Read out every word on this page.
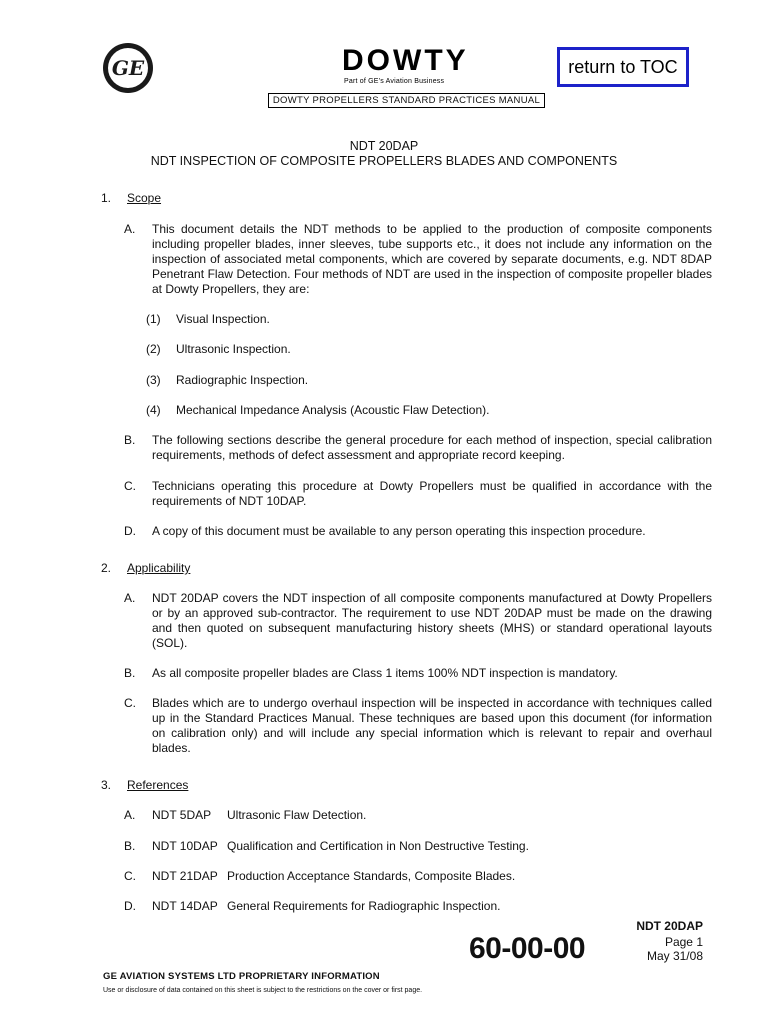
GE	DOWTY
Part of GE's Aviation Business
return to TOC
DOWTY PROPELLERS STANDARD PRACTICES MANUAL
NDT 20DAP
NDT INSPECTION OF COMPOSITE PROPELLERS BLADES AND COMPONENTS
1. Scope
A. This document details the NDT methods to be applied to the production of composite components including propeller blades, inner sleeves, tube supports etc., it does not include any information on the inspection of associated metal components, which are covered by separate documents, e.g. NDT 8DAP Penetrant Flaw Detection. Four methods of NDT are used in the inspection of composite propeller blades at Dowty Propellers, they are:
(1) Visual Inspection.
(2) Ultrasonic Inspection.
(3) Radiographic Inspection.
(4) Mechanical Impedance Analysis (Acoustic Flaw Detection).
B. The following sections describe the general procedure for each method of inspection, special calibration requirements, methods of defect assessment and appropriate record keeping.
C. Technicians operating this procedure at Dowty Propellers must be qualified in accordance with the requirements of NDT 10DAP.
D. A copy of this document must be available to any person operating this inspection procedure.
2. Applicability
A. NDT 20DAP covers the NDT inspection of all composite components manufactured at Dowty Propellers or by an approved sub-contractor. The requirement to use NDT 20DAP must be made on the drawing and then quoted on subsequent manufacturing history sheets (MHS) or standard operational layouts (SOL).
B. As all composite propeller blades are Class 1 items 100% NDT inspection is mandatory.
C. Blades which are to undergo overhaul inspection will be inspected in accordance with techniques called up in the Standard Practices Manual. These techniques are based upon this document (for information on calibration only) and will include any special information which is relevant to repair and overhaul blades.
3. References
A. NDT 5DAP Ultrasonic Flaw Detection.
B. NDT 10DAP Qualification and Certification in Non Destructive Testing.
C. NDT 21DAP Production Acceptance Standards, Composite Blades.
D. NDT 14DAP General Requirements for Radiographic Inspection.
NDT 20DAP
Page 1
May 31/08
60-00-00
GE AVIATION SYSTEMS LTD PROPRIETARY INFORMATION
Use or disclosure of data contained on this sheet is subject to the restrictions on the cover or first page.
